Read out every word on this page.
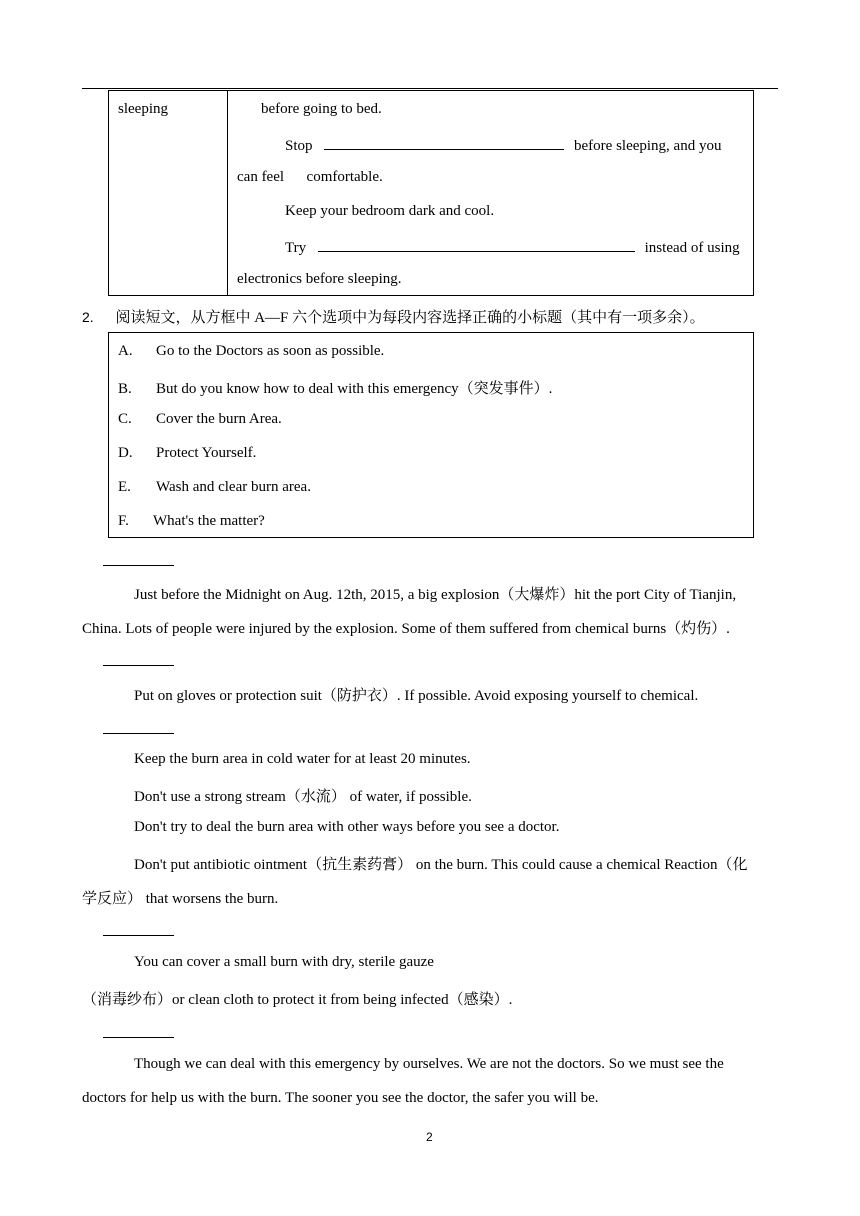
sleeping	before going to bed.
Stop	before sleeping, and you
can feel      comfortable.
Keep your bedroom dark and cool.
Try	instead of using
electronics before sleeping.
2. 阅读短文，从方框中 A—F 六个选项中为每段内容选择正确的小标题（其中有一项多余）。
A. Go to the Doctors as soon as possible.
B. But do you know how to deal with this emergency（突发事件）.
C. Cover the burn Area.
D. Protect Yourself.
E. Wash and clear burn area.
F. What's the matter?
Just before the Midnight on Aug. 12th, 2015, a big explosion（大爆炸）hit the port City of Tianjin,
China. Lots of people were injured by the explosion. Some of them suffered from chemical burns（灼伤）.
Put on gloves or protection suit（防护衣）. If possible. Avoid exposing yourself to chemical.
Keep the burn area in cold water for at least 20 minutes.
Don't use a strong stream（水流） of water, if possible.
Don't try to deal the burn area with other ways before you see a doctor.
Don't put antibiotic ointment（抗生素药膏） on the burn. This could cause a chemical Reaction（化
学反应） that worsens the burn.
You can cover a small burn with dry, sterile gauze
（消毒纱布）or clean cloth to protect it from being infected（感染）.
Though we can deal with this emergency by ourselves. We are not the doctors. So we must see the
doctors for help us with the burn. The sooner you see the doctor, the safer you will be.
2
